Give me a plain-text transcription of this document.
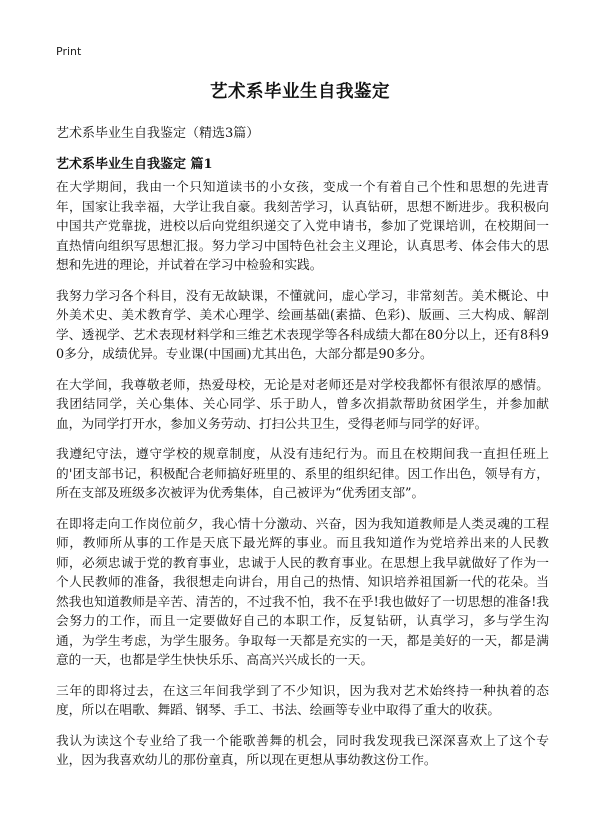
Print
艺术系毕业生自我鉴定

艺术系毕业生自我鉴定（精选3篇）

艺术系毕业生自我鉴定 篇1

在大学期间，我由一个只知道读书的小女孩，变成一个有着自己个性和思想的先进青年，国家让我幸福，大学让我自豪。我刻苦学习，认真钻研，思想不断进步。我积极向中国共产党靠拢，进校以后向党组织递交了入党申请书，参加了党课培训，在校期间一直热情向组织写思想汇报。努力学习中国特色社会主义理论，认真思考、体会伟大的思想和先进的理论，并试着在学习中检验和实践。

我努力学习各个科目，没有无故缺课，不懂就问，虚心学习，非常刻苦。美术概论、中外美术史、美术教育学、美术心理学、绘画基础(素描、色彩)、版画、三大构成、解剖学、透视学、艺术表现材料学和三维艺术表现学等各科成绩大都在80分以上，还有8科90多分，成绩优异。专业课(中国画)尤其出色，大部分都是90多分。

在大学间，我尊敬老师，热爱母校，无论是对老师还是对学校我都怀有很浓厚的感情。我团结同学，关心集体、关心同学、乐于助人，曾多次捐款帮助贫困学生，并参加献血，为同学打开水，参加义务劳动、打扫公共卫生，受得老师与同学的好评。

我遵纪守法，遵守学校的规章制度，从没有违纪行为。而且在校期间我一直担任班上的'团支部书记，积极配合老师搞好班里的、系里的组织纪律。因工作出色，领导有方，所在支部及班级多次被评为优秀集体，自己被评为“优秀团支部”。

在即将走向工作岗位前夕，我心情十分激动、兴奋，因为我知道教师是人类灵魂的工程师，教师所从事的工作是天底下最光辉的事业。而且我知道作为党培养出来的人民教师，必须忠诚于党的教育事业，忠诚于人民的教育事业。在思想上我早就做好了作为一个人民教师的准备，我很想走向讲台，用自己的热情、知识培养祖国新一代的花朵。当然我也知道教师是辛苦、清苦的，不过我不怕，我不在乎!我也做好了一切思想的准备!我会努力的工作，而且一定要做好自己的本职工作，反复钻研，认真学习，多与学生沟通，为学生考虑，为学生服务。争取每一天都是充实的一天，都是美好的一天，都是满意的一天，也都是学生快快乐乐、高高兴兴成长的一天。

三年的即将过去，在这三年间我学到了不少知识，因为我对艺术始终持一种执着的态度，所以在唱歌、舞蹈、钢琴、手工、书法、绘画等专业中取得了重大的收获。

我认为读这个专业给了我一个能歌善舞的机会，同时我发现我已深深喜欢上了这个专业，因为我喜欢幼儿的那份童真，所以现在更想从事幼教这份工作。
